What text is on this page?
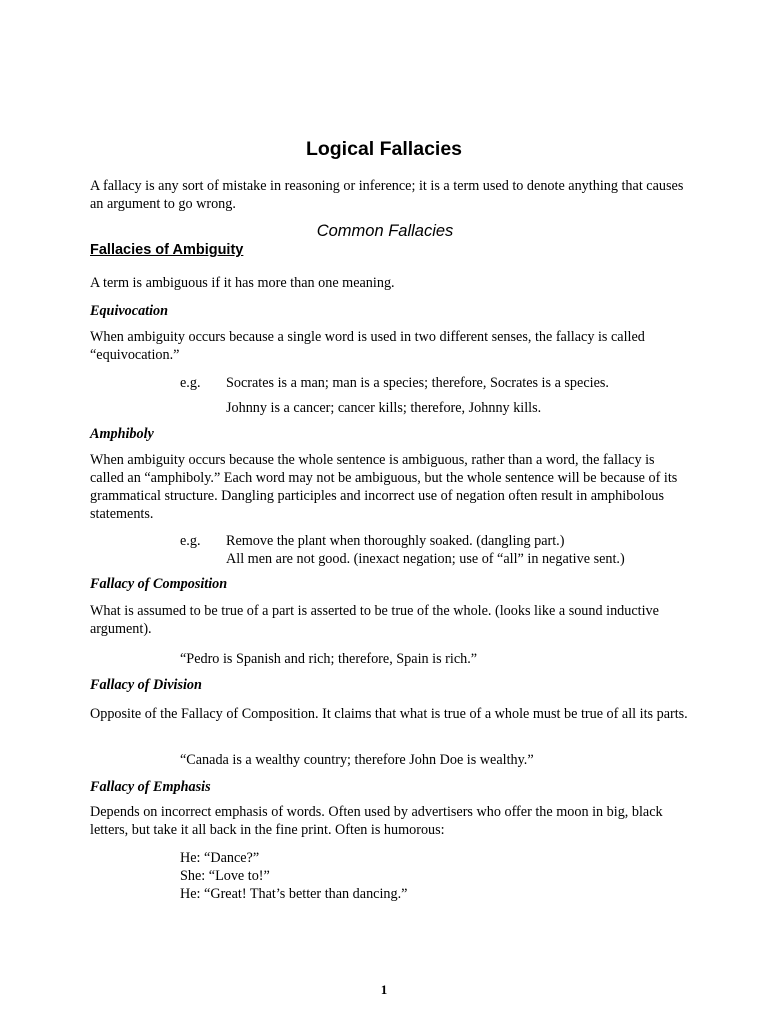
Logical Fallacies
A fallacy is any sort of mistake in reasoning or inference; it is a term used to denote anything that causes an argument to go wrong.
Common Fallacies
Fallacies of Ambiguity
A term is ambiguous if it has more than one meaning.
Equivocation
When ambiguity occurs because a single word is used in two different senses, the fallacy is called “equivocation.”
e.g. Socrates is a man; man is a species; therefore, Socrates is a species.
Johnny is a cancer; cancer kills; therefore, Johnny kills.
Amphiboly
When ambiguity occurs because the whole sentence is ambiguous, rather than a word, the fallacy is called an “amphiboly.” Each word may not be ambiguous, but the whole sentence will be because of its grammatical structure. Dangling participles and incorrect use of negation often result in amphibolous statements.
e.g. Remove the plant when thoroughly soaked. (dangling part.)
All men are not good. (inexact negation; use of “all” in negative sent.)
Fallacy of Composition
What is assumed to be true of a part is asserted to be true of the whole. (looks like a sound inductive argument).
“Pedro is Spanish and rich; therefore, Spain is rich.”
Fallacy of Division
Opposite of the Fallacy of Composition. It claims that what is true of a whole must be true of all its parts.
“Canada is a wealthy country; therefore John Doe is wealthy.”
Fallacy of Emphasis
Depends on incorrect emphasis of words. Often used by advertisers who offer the moon in big, black letters, but take it all back in the fine print. Often is humorous:
He: “Dance?”
She: “Love to!”
He: “Great! That’s better than dancing.”
1
